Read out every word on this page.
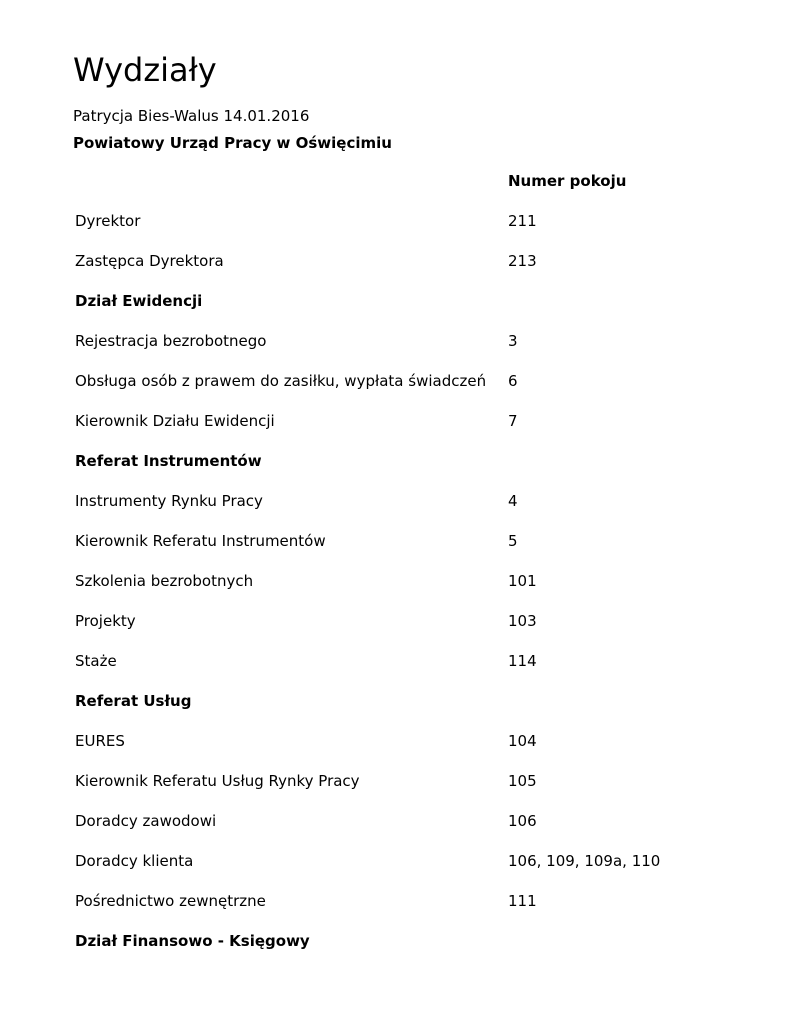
Wydziały
Patrycja Bies-Walus 14.01.2016
Powiatowy Urząd Pracy w Oświęcimiu
Numer pokoju
Dyrektor	211
Zastępca Dyrektora	213
Dział Ewidencji
Rejestracja bezrobotnego	3
Obsługa osób z prawem do zasiłku, wypłata świadczeń 6
Kierownik Działu Ewidencji	7
Referat Instrumentów
Instrumenty Rynku Pracy	4
Kierownik Referatu Instrumentów	5
Szkolenia bezrobotnych	101
Projekty	103
Staże	114
Referat Usług
EURES	104
Kierownik Referatu Usług Rynky Pracy	105
Doradcy zawodowi	106
Doradcy klienta	106, 109, 109a, 110
Pośrednictwo zewnętrzne	111
Dział Finansowo - Księgowy
